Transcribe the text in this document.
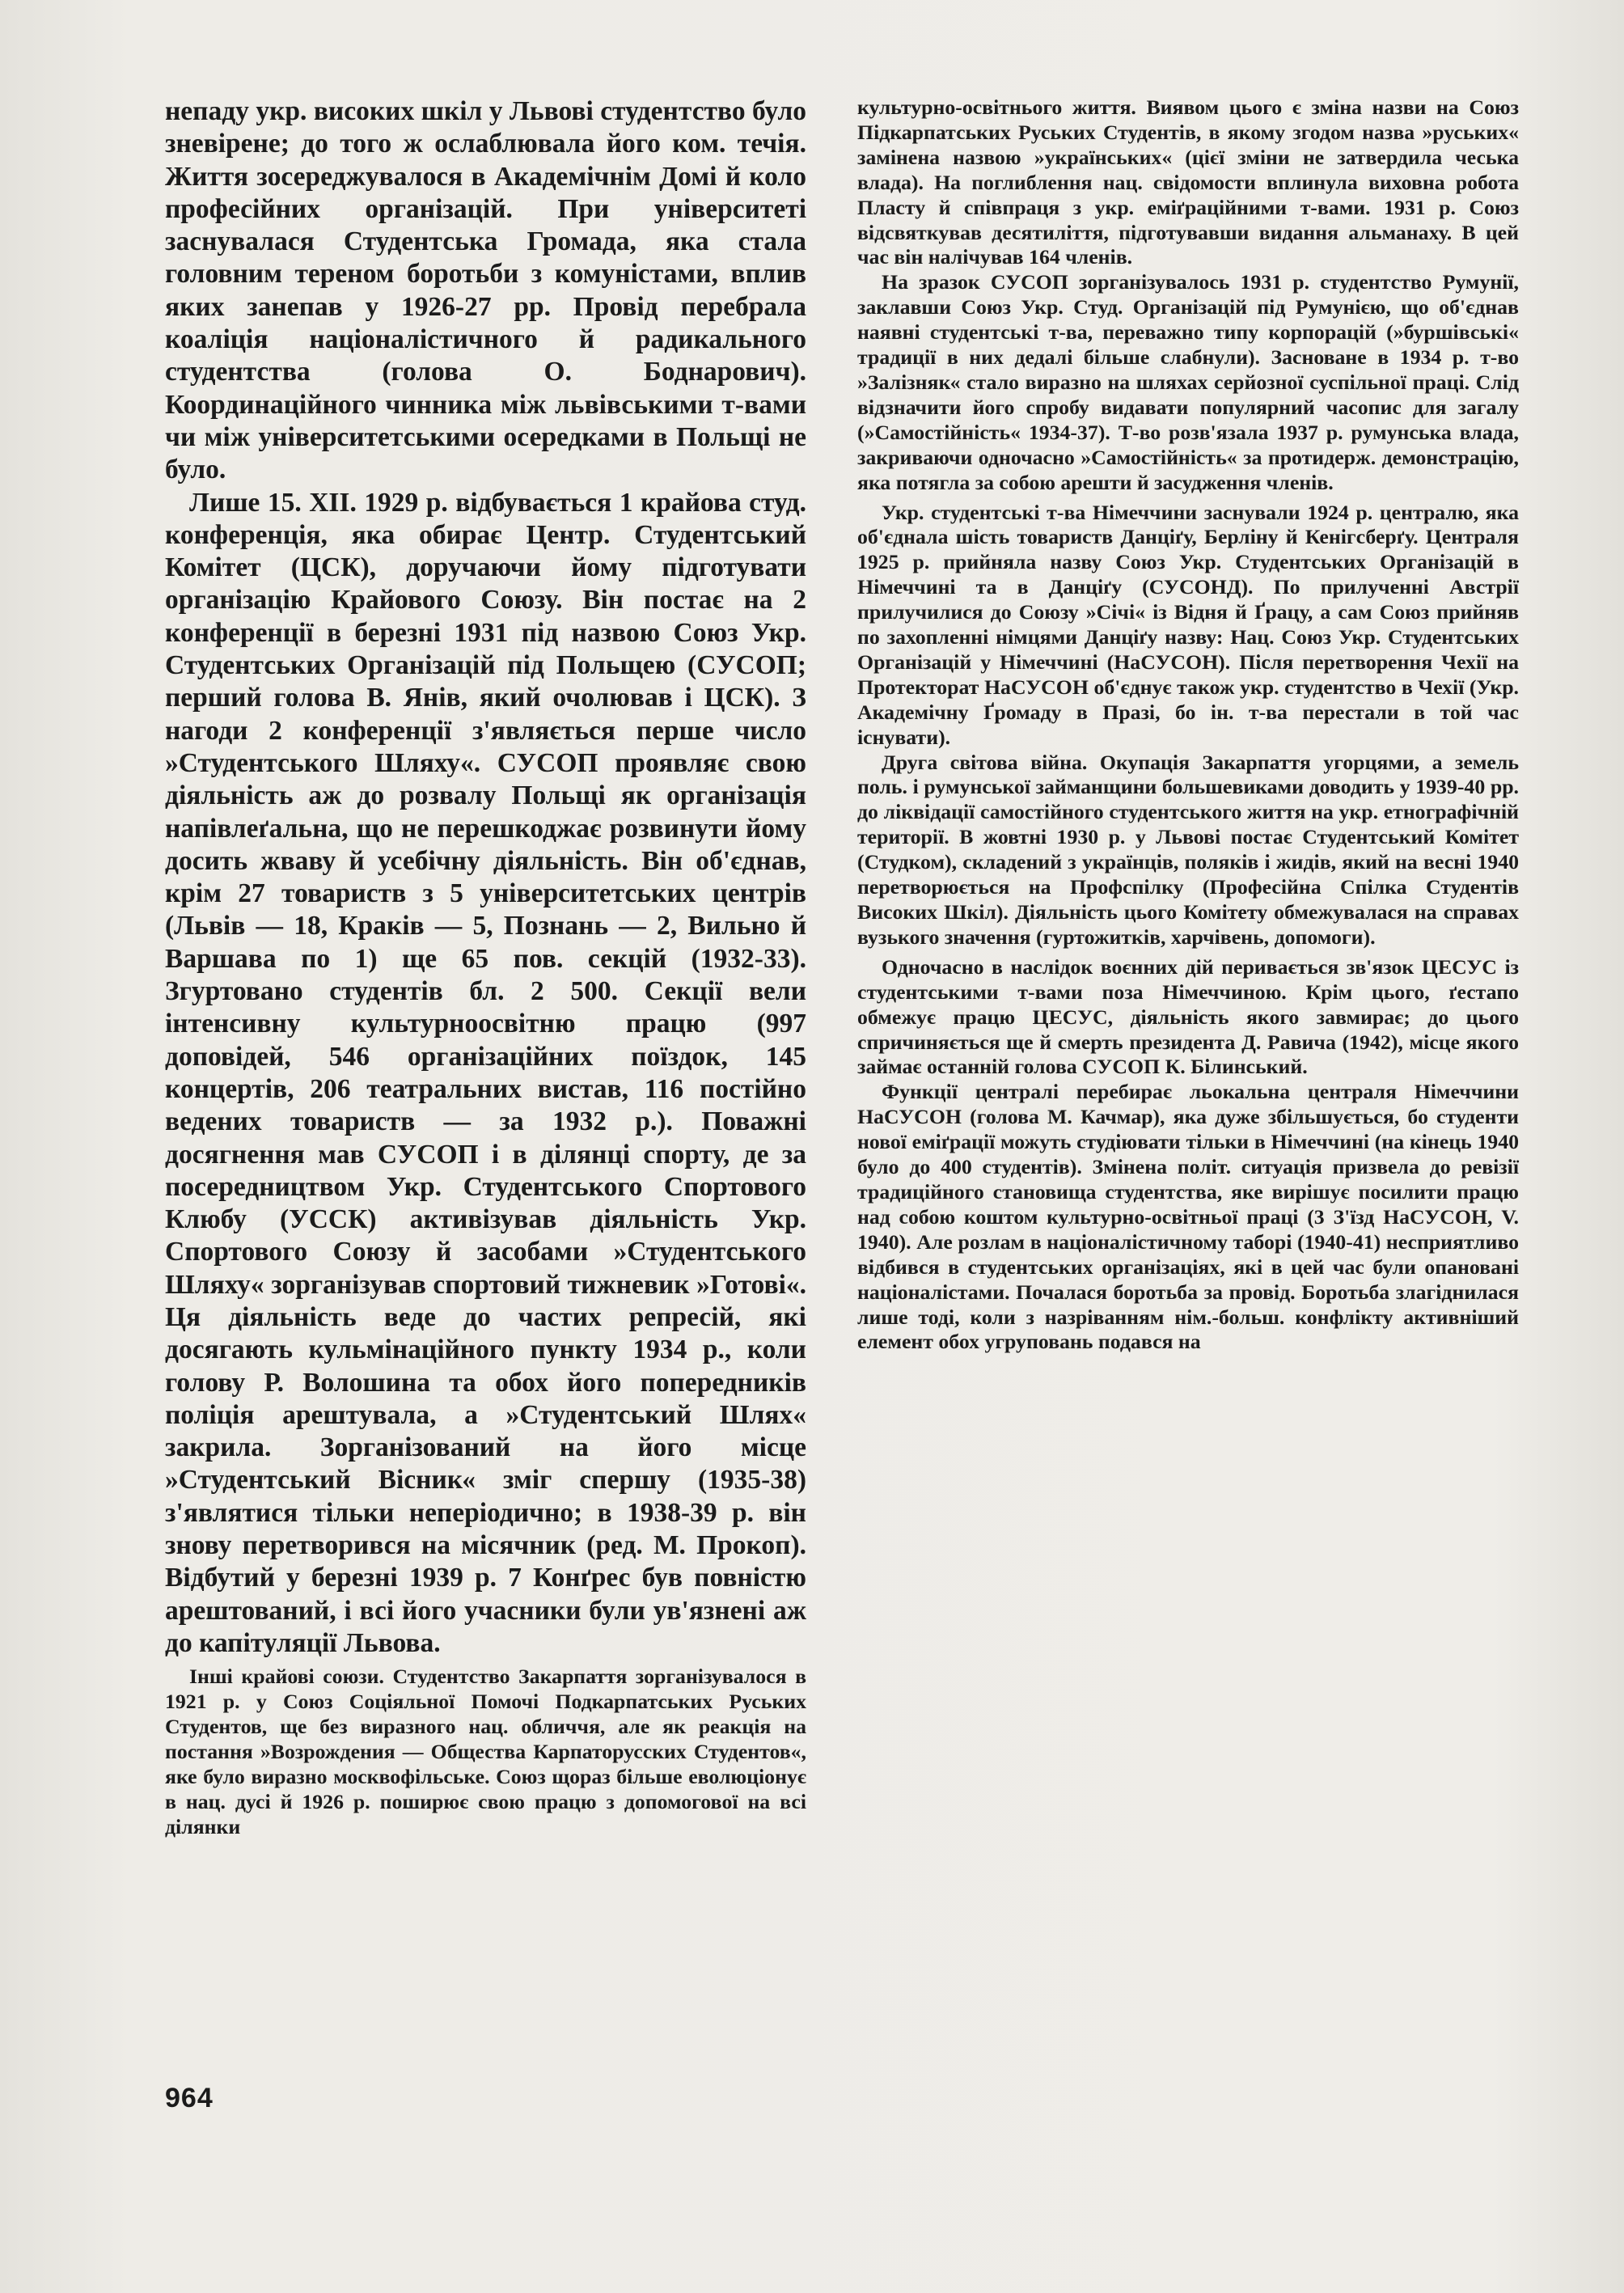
непаду укр. високих шкіл у Львові студентство було зневірене; до того ж ослаблювала його ком. течія. Життя зосереджувалося в Академічнім Домі й коло професійних організацій. При університеті заснувалася Студентська Громада, яка стала головним тереном боротьби з комуністами, вплив яких занепав у 1926-27 рр. Провід перебрала коаліція націоналістичного й радикального студентства (голова О. Боднарович). Координаційного чинника між львівськими т-вами чи між університетськими осередками в Польщі не було.

Лише 15. XII. 1929 р. відбувається 1 крайова студ. конференція, яка обирає Центр. Студентський Комітет (ЦСК), доручаючи йому підготувати організацію Крайового Союзу. Він постає на 2 конференції в березні 1931 під назвою Союз Укр. Студентських Організацій під Польщею (СУСОП; перший голова В. Янів, який очолював і ЦСК). З нагоди 2 конференції з'являється перше число »Студентського Шляху«. СУСОП проявляє свою діяльність аж до розвалу Польщі як організація напівлеґальна, що не перешкоджає розвинути йому досить жваву й усебічну діяльність. Він об'єднав, крім 27 товариств з 5 університетських центрів (Львів — 18, Краків — 5, Познань — 2, Вильно й Варшава по 1) ще 65 пов. секцій (1932-33). Згуртовано студентів бл. 2 500. Секції вели інтенсивну культурноосвітню працю (997 доповідей, 546 організаційних поїздок, 145 концертів, 206 театральних вистав, 116 постійно ведених товариств — за 1932 р.). Поважні досягнення мав СУСОП і в ділянці спорту, де за посередництвом Укр. Студентського Спортового Клюбу (УССК) активізував діяльність Укр. Спортового Союзу й засобами »Студентського Шляху« зорганізував спортовий тижневик »Готові«. Ця діяльність веде до частих репресій, які досягають кульмінаційного пункту 1934 р., коли голову Р. Волошина та обох його попередників поліція арештувала, а »Студентський Шлях« закрила. Зорганізований на його місце »Студентський Вісник« зміг спершу (1935-38) з'являтися тільки неперіодично; в 1938-39 р. він знову перетворився на місячник (ред. М. Прокоп). Відбутий у березні 1939 р. 7 Конґрес був повністю арештований, і всі його учасники були ув'язнені аж до капітуляції Львова.

Інші крайові союзи. Студентство Закарпаття зорганізувалося в 1921 р. у Союз Соціяльної Помочі Подкарпатських Руських Студентов, ще без виразного нац. обличчя, але як реакція на постання »Возрождения — Общества Карпаторусских Студентов«, яке було виразно москвофільське. Союз щораз більше еволюціонує в нац. дусі й 1926 р. поширює свою працю з допомоговoї на всі ділянки

культурно-освітнього життя. Виявом цього є зміна назви на Союз Підкарпатських Руських Студентів, в якому згодом назва »руських« замінена назвою »українських« (цієї зміни не затвердила чеська влада). На поглиблення нац. свідомости вплинула виховна робота Пласту й співпраця з укр. еміґраційними т-вами. 1931 р. Союз відсвяткував десятиліття, підготувавши видання альманаху. В цей час він налічував 164 членів.

На зразок СУСОП зорганізувалось 1931 р. студентство Румунії, заклавши Союз Укр. Студ. Організацій під Румунією, що об'єднав наявні студентські т-ва, переважно типу корпорацій (»буршівські« традиції в них дедалі більше слабнули). Засноване в 1934 р. т-во »Залізняк« стало виразно на шляхах серйозної суспільної праці. Слід відзначити його спробу видавати популярний часопис для загалу (»Самостійність« 1934-37). Т-во розв'язала 1937 р. румунська влада, закриваючи одночасно »Самостійність« за протидерж. демонстрацію, яка потягла за собою арешти й засудження членів.

Укр. студентські т-ва Німеччини заснували 1924 р. централю, яка об'єднала шість товариств Данціґу, Берліну й Кенігсберґу. Централя 1925 р. прийняла назву Союз Укр. Студентських Організацій в Німеччині та в Данціґу (СУСОНД). По прилученні Австрії прилучилися до Союзу »Січі« із Відня й Ґрацу, а сам Союз прийняв по захопленні німцями Данціґу назву: Нац. Союз Укр. Студентських Організацій у Німеччині (НаСУСОН). Після перетворення Чехії на Протекторат НаСУСОН об'єднує також укр. студентство в Чехії (Укр. Академічну Ґромаду в Празі, бо ін. т-ва перестали в той час існувати).

Друга світова війна. Окупація Закарпаття угорцями, а земель поль. і румунської займанщини большевиками доводить у 1939-40 рр. до ліквідації самостійного студентського життя на укр. етнографічній території. В жовтні 1930 р. у Львові постає Студентський Комітет (Студком), складений з українців, поляків і жидів, який на весні 1940 перетворюється на Профспілку (Професійна Спілка Студентів Високих Шкіл). Діяльність цього Комітету обмежувалася на справах вузького значення (гуртожитків, харчівень, допомоги).

Одночасно в наслідок воєнних дій перивається зв'язок ЦЕСУС із студентськими т-вами поза Німеччиною. Крім цього, ґестапо обмежує працю ЦЕСУС, діяльність якого завмирає; до цього спричиняється ще й смерть президента Д. Равича (1942), місце якого займає останній голова СУСОП К. Білинський.

Функції централі перебирає льокальна централя Німеччини НаСУСОН (голова М. Качмар), яка дуже збільшується, бо студенти нової еміґрації можуть студіювати тільки в Німеччині (на кінець 1940 було до 400 студентів). Змінена політ. ситуація призвела до ревізії традиційного становища студентства, яке вирішує посилити працю над собою коштом культурно-освітньої праці (3 З'їзд НаСУСОН, V. 1940). Але розлам в націоналістичному таборі (1940-41) несприятливо відбився в студентських організаціях, які в цей час були опановані націоналістами. Почалася боротьба за провід. Боротьба злагіднилася лише тоді, коли з назріванням нім.-больш. конфлікту активніший елемент обох угруповань подався на

964
